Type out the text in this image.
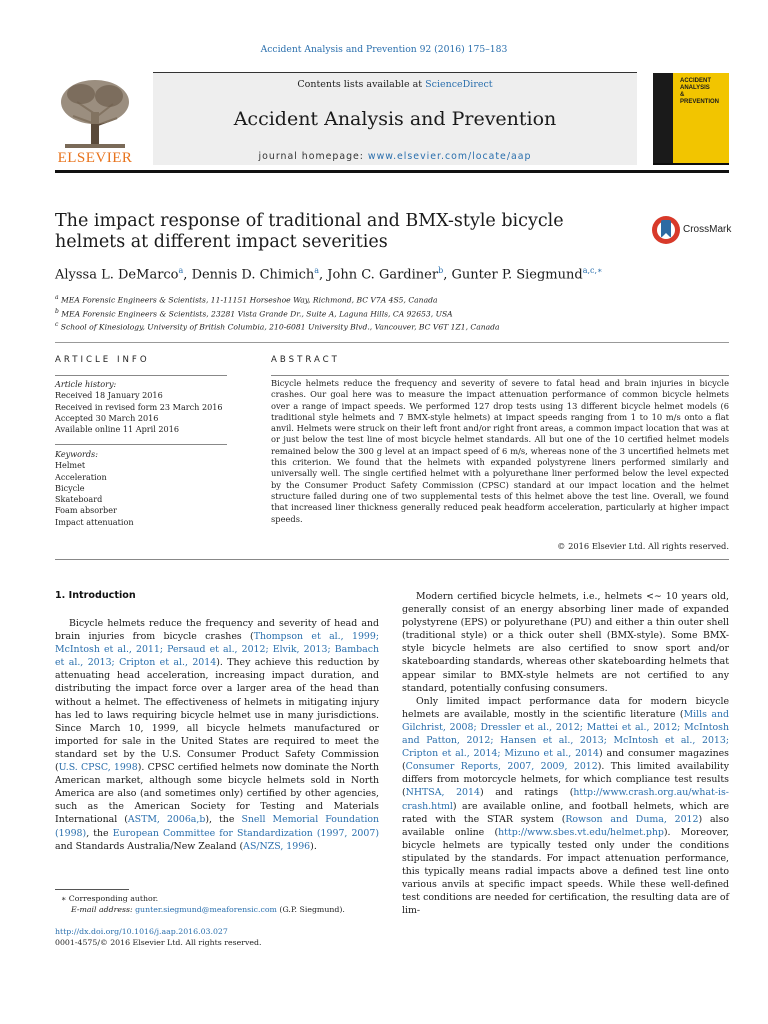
Accident Analysis and Prevention 92 (2016) 175–183
Contents lists available at ScienceDirect
Accident Analysis and Prevention
journal homepage: www.elsevier.com/locate/aap
ELSEVIER
ACCIDENT
ANALYSIS
&
PREVENTION
The impact response of traditional and BMX-style bicycle helmets at different impact severities
CrossMark
Alyssa L. DeMarco$^a$, Dennis D. Chimich$^a$, John C. Gardiner$^b$, Gunter P. Siegmund$^{a,c,∗}$
$^a$ MEA Forensic Engineers & Scientists, 11-11151 Horseshoe Way, Richmond, BC V7A 4S5, Canada
$^b$ MEA Forensic Engineers & Scientists, 23281 Vista Grande Dr., Suite A, Laguna Hills, CA 92653, USA
$^c$ School of Kinesiology, University of British Columbia, 210-6081 University Blvd., Vancouver, BC V6T 1Z1, Canada
ARTICLE INFO
Article history:
Received 18 January 2016
Received in revised form 23 March 2016
Accepted 30 March 2016
Available online 11 April 2016
Keywords:
Helmet
Acceleration
Bicycle
Skateboard
Foam absorber
Impact attenuation
ABSTRACT
Bicycle helmets reduce the frequency and severity of severe to fatal head and brain injuries in bicycle crashes. Our goal here was to measure the impact attenuation performance of common bicycle helmets over a range of impact speeds. We performed 127 drop tests using 13 different bicycle helmet models (6 traditional style helmets and 7 BMX-style helmets) at impact speeds ranging from 1 to 10 m/s onto a flat anvil. Helmets were struck on their left front and/or right front areas, a common impact location that was at or just below the test line of most bicycle helmet standards. All but one of the 10 certified helmet models remained below the 300 g level at an impact speed of 6 m/s, whereas none of the 3 uncertified helmets met this criterion. We found that the helmets with expanded polystyrene liners performed similarly and universally well. The single certified helmet with a polyurethane liner performed below the level expected by the Consumer Product Safety Commission (CPSC) standard at our impact location and the helmet structure failed during one of two supplemental tests of this helmet above the test line. Overall, we found that increased liner thickness generally reduced peak headform acceleration, particularly at higher impact speeds.
© 2016 Elsevier Ltd. All rights reserved.
1. Introduction

Bicycle helmets reduce the frequency and severity of head and brain injuries from bicycle crashes (Thompson et al., 1999; McIntosh et al., 2011; Persaud et al., 2012; Elvik, 2013; Bambach et al., 2013; Cripton et al., 2014). They achieve this reduction by attenuating head acceleration, increasing impact duration, and distributing the impact force over a larger area of the head than without a helmet. The effectiveness of helmets in mitigating injury has led to laws requiring bicycle helmet use in many jurisdictions. Since March 10, 1999, all bicycle helmets manufactured or imported for sale in the United States are required to meet the standard set by the U.S. Consumer Product Safety Commission (U.S. CPSC, 1998). CPSC certified helmets now dominate the North American market, although some bicycle helmets sold in North America are also (and sometimes only) certified by other agencies, such as the American Society for Testing and Materials International (ASTM, 2006a,b), the Snell Memorial Foundation (1998), the European Committee for Standardization (1997, 2007) and Standards Australia/New Zealand (AS/NZS, 1996).

Modern certified bicycle helmets, i.e., helmets <∼ 10 years old, generally consist of an energy absorbing liner made of expanded polystyrene (EPS) or polyurethane (PU) and either a thin outer shell (traditional style) or a thick outer shell (BMX-style). Some BMX-style bicycle helmets are also certified to snow sport and/or skateboarding standards, whereas other skateboarding helmets that appear similar to BMX-style helmets are not certified to any standard, potentially confusing consumers.

Only limited impact performance data for modern bicycle helmets are available, mostly in the scientific literature (Mills and Gilchrist, 2008; Dressler et al., 2012; Mattei et al., 2012; McIntosh and Patton, 2012; Hansen et al., 2013; McIntosh et al., 2013; Cripton et al., 2014; Mizuno et al., 2014) and consumer magazines (Consumer Reports, 2007, 2009, 2012). This limited availability differs from motorcycle helmets, for which compliance test results (NHTSA, 2014) and ratings (http://www.crash.org.au/what-is-crash.html) are available online, and football helmets, which are rated with the STAR system (Rowson and Duma, 2012) also available online (http://www.sbes.vt.edu/helmet.php). Moreover, bicycle helmets are typically tested only under the conditions stipulated by the standards. For impact attenuation performance, this typically means radial impacts above a defined test line onto various anvils at specific impact speeds. While these well-defined test conditions are needed for certification, the resulting data are of lim-

∗ Corresponding author.
E-mail address: gunter.siegmund@meaforensic.com (G.P. Siegmund).
http://dx.doi.org/10.1016/j.aap.2016.03.027
0001-4575/© 2016 Elsevier Ltd. All rights reserved.
